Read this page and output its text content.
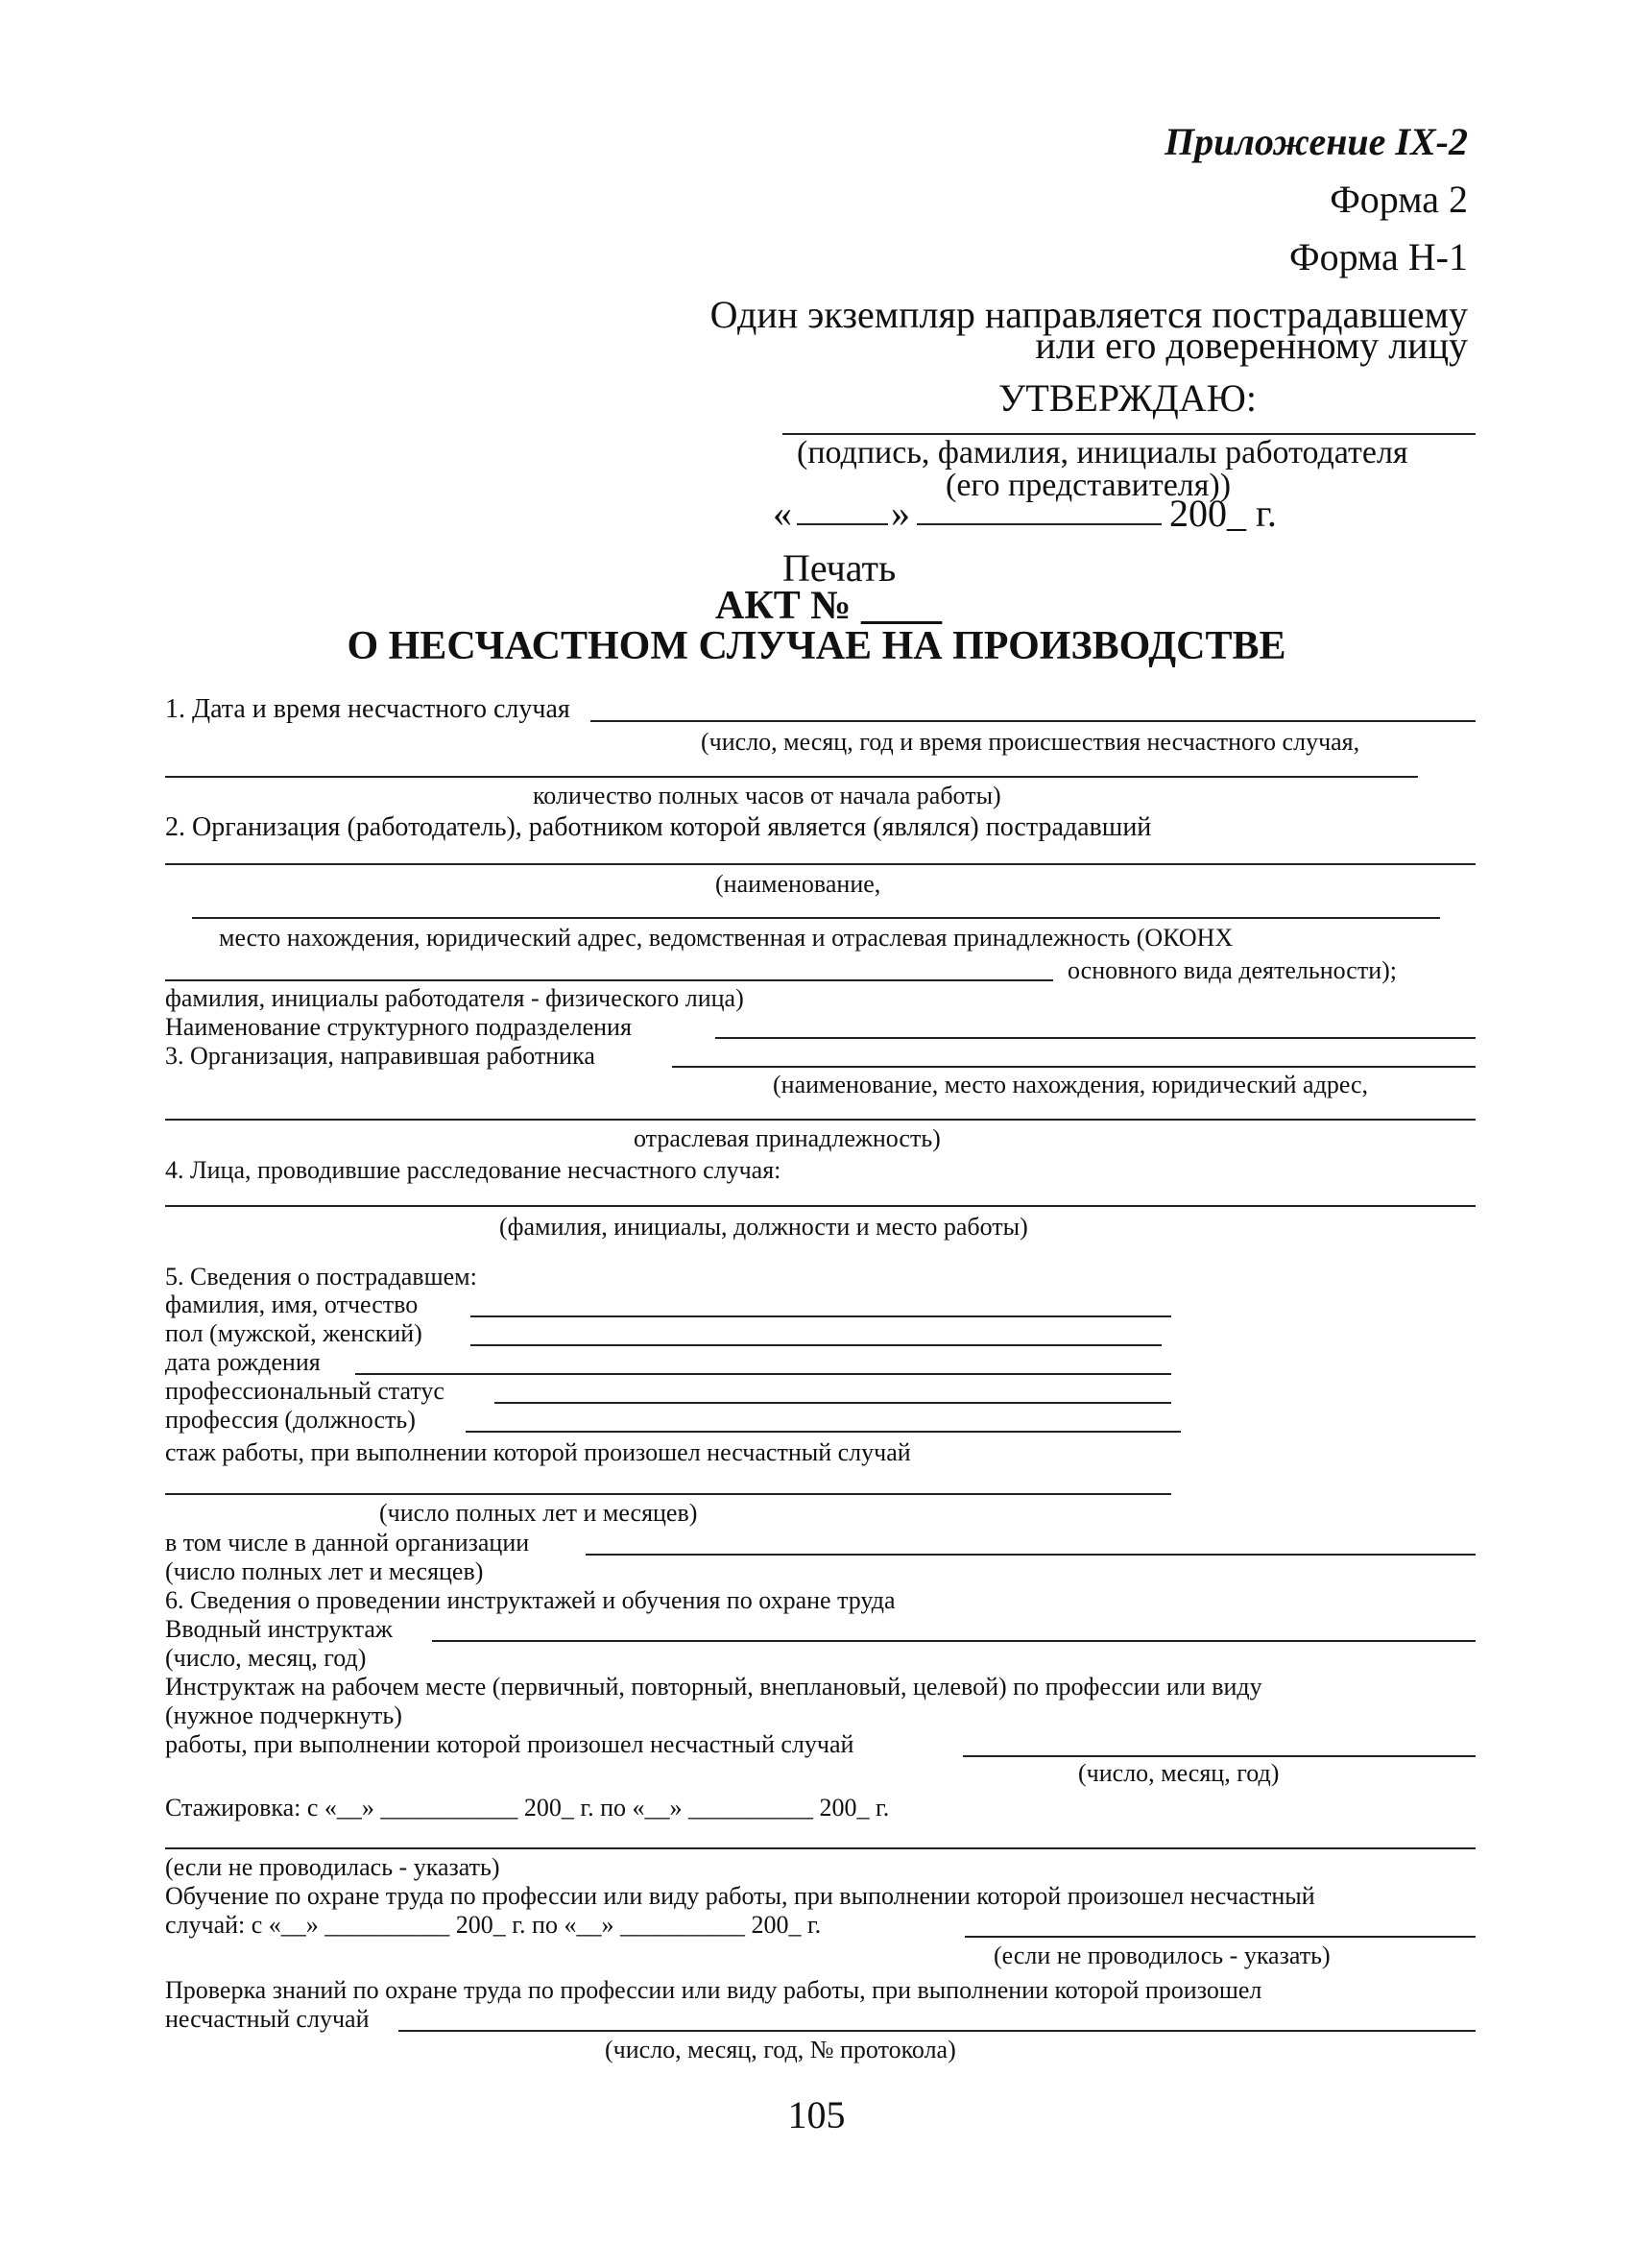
Приложение IX-2
Форма 2
Форма Н-1
Один экземпляр направляется пострадавшему
или его доверенному лицу
УТВЕРЖДАЮ:
(подпись, фамилия, инициалы работодателя
(его представителя))
«	»	200_ г.
Печать
АКТ № ____
О НЕСЧАСТНОМ СЛУЧАЕ НА ПРОИЗВОДСТВЕ
1. Дата и время несчастного случая
(число, месяц, год и время происшествия несчастного случая,
количество полных часов от начала работы)
2. Организация (работодатель), работником которой является (являлся) пострадавший
(наименование,
место нахождения, юридический адрес, ведомственная и отраслевая принадлежность (ОКОНХ
основного вида деятельности);
фамилия, инициалы работодателя - физического лица)
Наименование структурного подразделения
3. Организация, направившая работника
(наименование, место нахождения, юридический адрес,
отраслевая принадлежность)
4. Лица, проводившие расследование несчастного случая:
(фамилия, инициалы, должности и место работы)
5. Сведения о пострадавшем:
фамилия, имя, отчество
пол (мужской, женский)
дата рождения
профессиональный статус
профессия (должность)
стаж работы, при выполнении которой произошел несчастный случай
(число полных лет и месяцев)
в том числе в данной организации
(число полных лет и месяцев)
6. Сведения о проведении инструктажей и обучения по охране труда
Вводный инструктаж
(число, месяц, год)
Инструктаж на рабочем месте (первичный, повторный, внеплановый, целевой) по профессии или виду
(нужное подчеркнуть)
работы, при выполнении которой произошел несчастный случай
(число, месяц, год)
Стажировка: с «__» ___________ 200_ г. по «__» __________ 200_ г.
(если не проводилась - указать)
Обучение по охране труда по профессии или виду работы, при выполнении которой произошел несчастный
случай: с «__» __________ 200_ г. по «__» __________ 200_ г.
(если не проводилось - указать)
Проверка знаний по охране труда по профессии или виду работы, при выполнении которой произошел
несчастный случай
(число, месяц, год, № протокола)
105
